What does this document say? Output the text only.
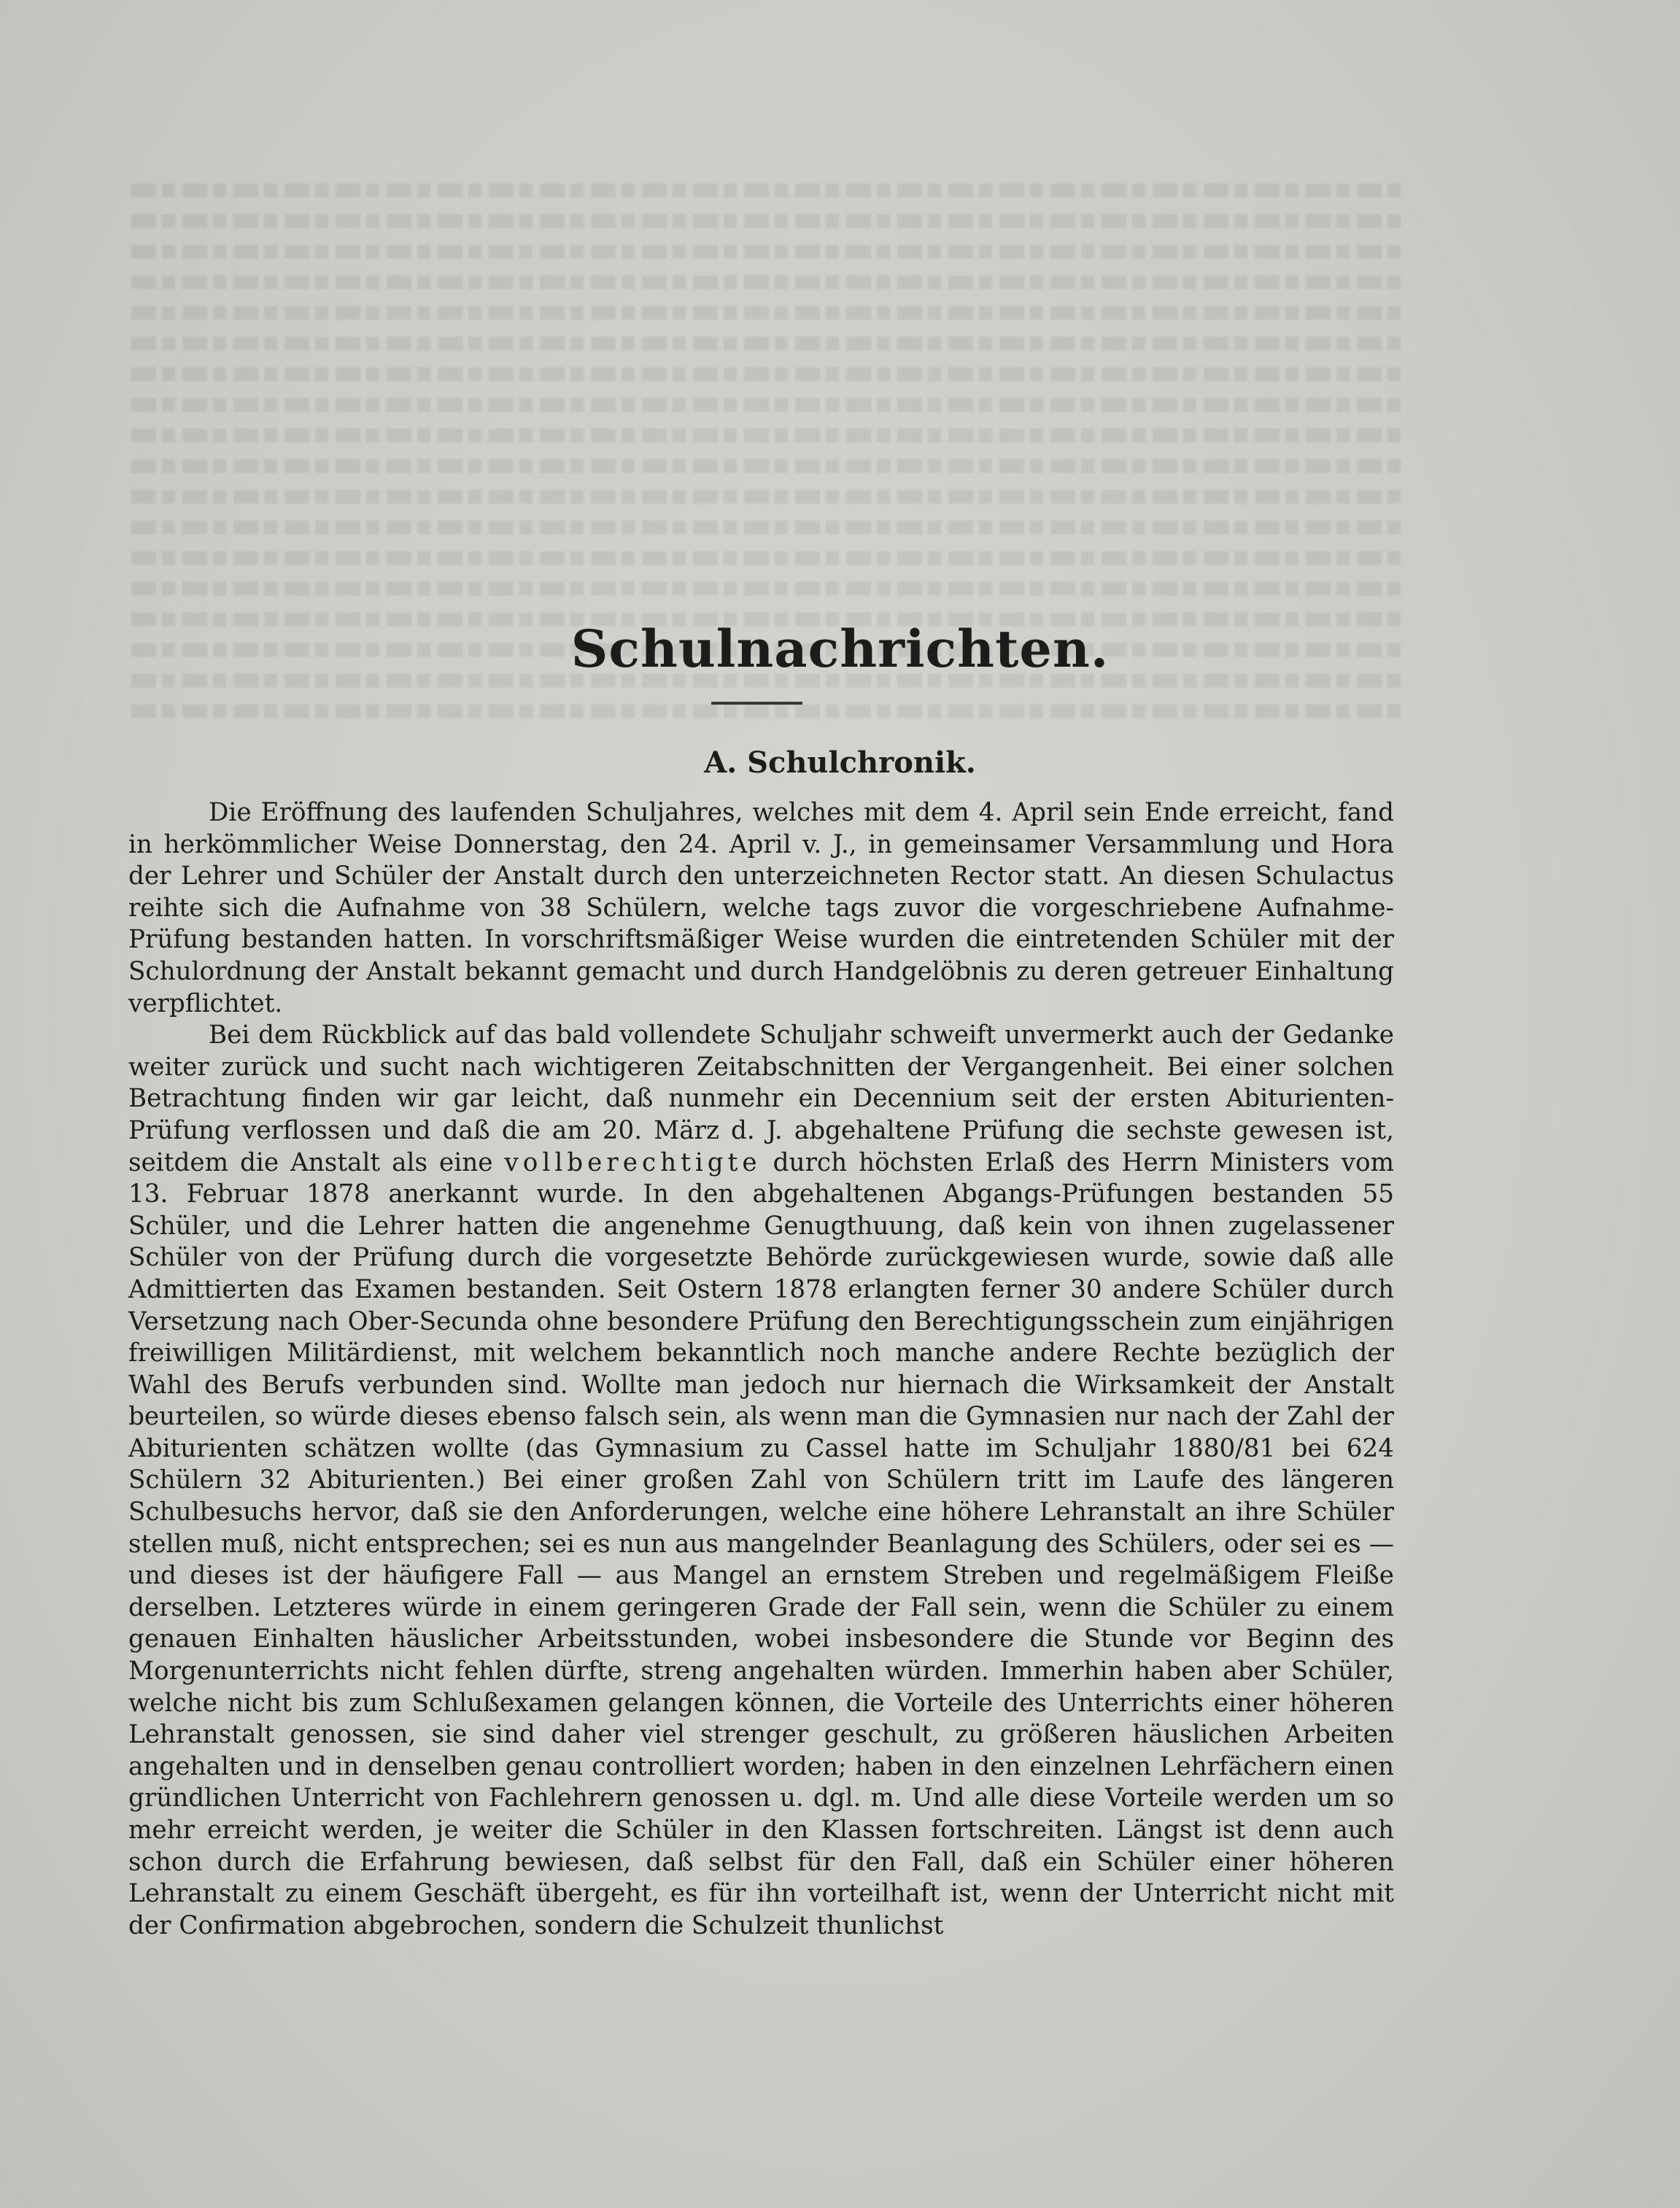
Schulnachrichten.
A. Schulchronik.

Die Eröffnung des laufenden Schuljahres, welches mit dem 4. April sein Ende erreicht, fand in herkömmlicher Weise Donnerstag, den 24. April v. J., in gemeinsamer Versammlung und Hora der Lehrer und Schüler der Anstalt durch den unterzeichneten Rector statt. An diesen Schulactus reihte sich die Aufnahme von 38 Schülern, welche tags zuvor die vorgeschriebene Aufnahme-Prüfung bestanden hatten. In vorschriftsmäßiger Weise wurden die eintretenden Schüler mit der Schulordnung der Anstalt bekannt gemacht und durch Handgelöbnis zu deren getreuer Einhaltung verpflichtet.

Bei dem Rückblick auf das bald vollendete Schuljahr schweift unvermerkt auch der Gedanke weiter zurück und sucht nach wichtigeren Zeitabschnitten der Vergangenheit. Bei einer solchen Betrachtung finden wir gar leicht, daß nunmehr ein Decennium seit der ersten Abiturienten-Prüfung verflossen und daß die am 20. März d. J. abgehaltene Prüfung die sechste gewesen ist, seitdem die Anstalt als eine vollberechtigte durch höchsten Erlaß des Herrn Ministers vom 13. Februar 1878 anerkannt wurde. In den abgehaltenen Abgangs-Prüfungen bestanden 55 Schüler, und die Lehrer hatten die angenehme Genugthuung, daß kein von ihnen zugelassener Schüler von der Prüfung durch die vorgesetzte Behörde zurückgewiesen wurde, sowie daß alle Admittierten das Examen bestanden. Seit Ostern 1878 erlangten ferner 30 andere Schüler durch Versetzung nach Ober-Secunda ohne besondere Prüfung den Berechtigungsschein zum einjährigen freiwilligen Militärdienst, mit welchem bekanntlich noch manche andere Rechte bezüglich der Wahl des Berufs verbunden sind. Wollte man jedoch nur hiernach die Wirksamkeit der Anstalt beurteilen, so würde dieses ebenso falsch sein, als wenn man die Gymnasien nur nach der Zahl der Abiturienten schätzen wollte (das Gymnasium zu Cassel hatte im Schuljahr 1880/81 bei 624 Schülern 32 Abiturienten.) Bei einer großen Zahl von Schülern tritt im Laufe des längeren Schulbesuchs hervor, daß sie den Anforderungen, welche eine höhere Lehranstalt an ihre Schüler stellen muß, nicht entsprechen; sei es nun aus mangelnder Beanlagung des Schülers, oder sei es — und dieses ist der häufigere Fall — aus Mangel an ernstem Streben und regelmäßigem Fleiße derselben. Letzteres würde in einem geringeren Grade der Fall sein, wenn die Schüler zu einem genauen Einhalten häuslicher Arbeitsstunden, wobei insbesondere die Stunde vor Beginn des Morgenunterrichts nicht fehlen dürfte, streng angehalten würden. Immerhin haben aber Schüler, welche nicht bis zum Schlußexamen gelangen können, die Vorteile des Unterrichts einer höheren Lehranstalt genossen, sie sind daher viel strenger geschult, zu größeren häuslichen Arbeiten angehalten und in denselben genau controlliert worden; haben in den einzelnen Lehrfächern einen gründlichen Unterricht von Fachlehrern genossen u. dgl. m. Und alle diese Vorteile werden um so mehr erreicht werden, je weiter die Schüler in den Klassen fortschreiten. Längst ist denn auch schon durch die Erfahrung bewiesen, daß selbst für den Fall, daß ein Schüler einer höheren Lehranstalt zu einem Geschäft übergeht, es für ihn vorteilhaft ist, wenn der Unterricht nicht mit der Confirmation abgebrochen, sondern die Schulzeit thunlichst
